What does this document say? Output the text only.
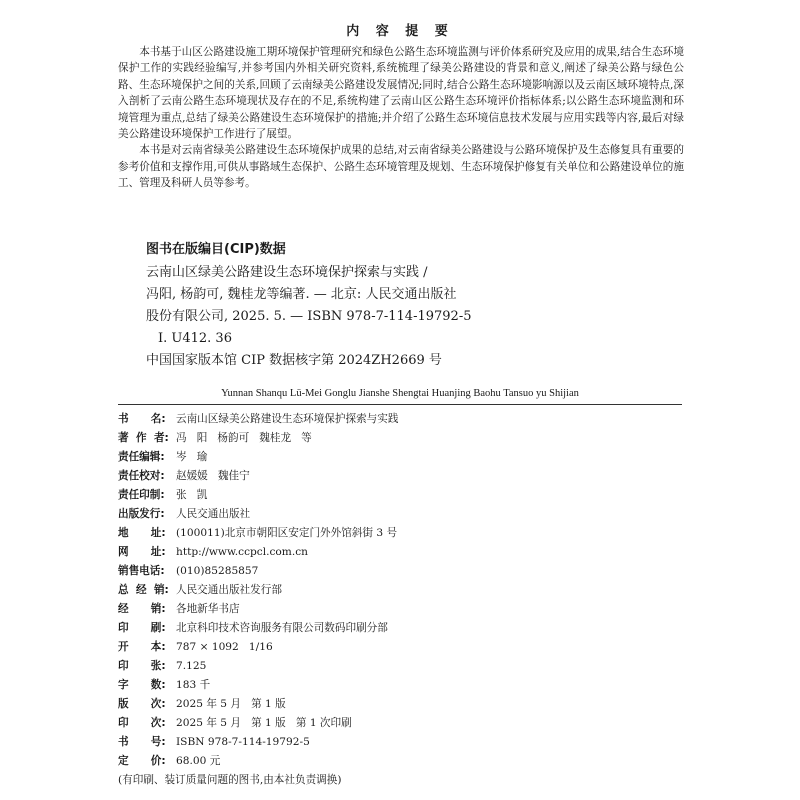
内 容 提 要

本书基于山区公路建设施工期环境保护管理研究和绿色公路生态环境监测与评价体系研究及应用的成果,结合生态环境保护工作的实践经验编写,并参考国内外相关研究资料,系统梳理了绿美公路建设的背景和意义,阐述了绿美公路与绿色公路、生态环境保护之间的关系,回顾了云南绿美公路建设发展情况;同时,结合公路生态环境影响源以及云南区域环境特点,深入剖析了云南公路生态环境现状及存在的不足,系统构建了云南山区公路生态环境评价指标体系;以公路生态环境监测和环境管理为重点,总结了绿美公路建设生态环境保护的措施;并介绍了公路生态环境信息技术发展与应用实践等内容,最后对绿美公路建设环境保护工作进行了展望。

本书是对云南省绿美公路建设生态环境保护成果的总结,对云南省绿美公路建设与公路环境保护及生态修复具有重要的参考价值和支撑作用,可供从事路域生态保护、公路生态环境管理及规划、生态环境保护修复有关单位和公路建设单位的施工、管理及科研人员等参考。

图书在版编目(CIP)数据
云南山区绿美公路建设生态环境保护探索与实践 /
冯阳, 杨韵可, 魏桂龙等编著. — 北京: 人民交通出版社
股份有限公司, 2025. 5. — ISBN 978-7-114-19792-5
Ⅰ. U412. 36
中国国家版本馆 CIP 数据核字第 2024ZH2669 号
Yunnan Shanqu Lü-Mei Gonglu Jianshe Shengtai Huanjing Baohu Tansuo yu Shijian
书      名: 云南山区绿美公路建设生态环境保护探索与实践
著  作  者: 冯   阳   杨韵可   魏桂龙   等
责任编辑:	岑   瑜
责任校对:	赵媛媛   魏佳宁
责任印制:	张   凯
出版发行:	人民交通出版社
地      址: (100011)北京市朝阳区安定门外外馆斜街 3 号
网      址: http://www.ccpcl.com.cn
销售电话:	(010)85285857
总  经  销: 人民交通出版社发行部
经      销: 各地新华书店
印      刷: 北京科印技术咨询服务有限公司数码印刷分部
开      本: 787 × 1092   1/16
印      张: 7.125
字      数: 183 千
版      次: 2025 年 5 月   第 1 版
印      次: 2025 年 5 月   第 1 版   第 1 次印刷
书      号: ISBN 978-7-114-19792-5
定      价: 68.00 元
(有印刷、装订质量问题的图书,由本社负责调换)
